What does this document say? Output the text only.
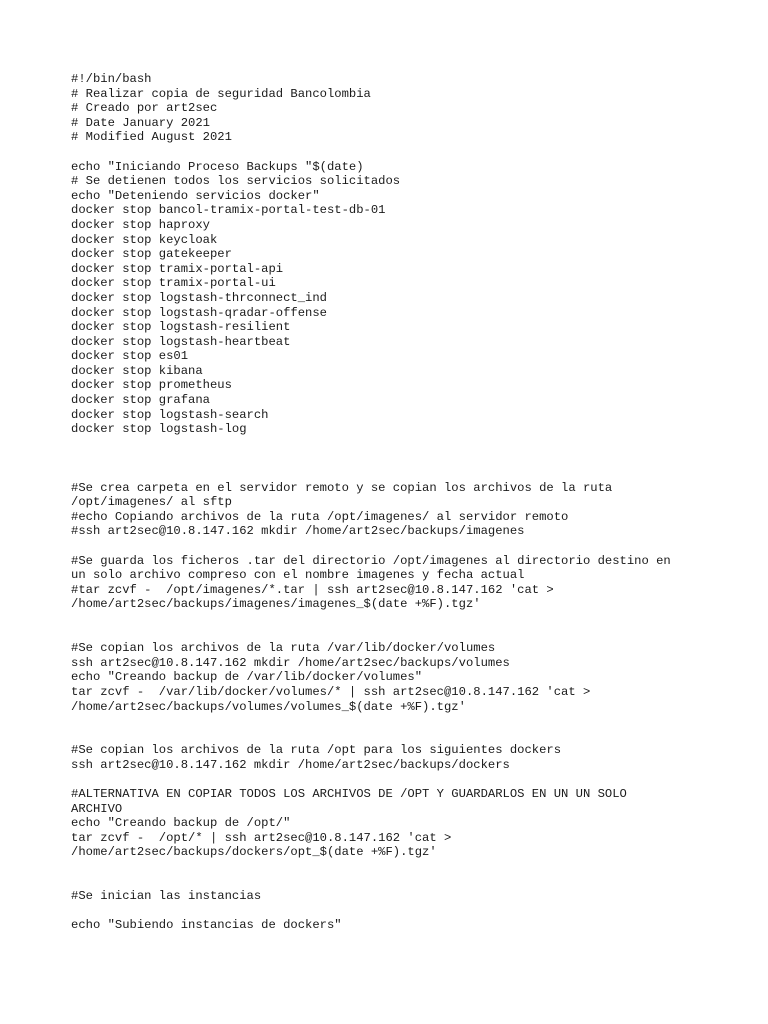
#!/bin/bash
# Realizar copia de seguridad Bancolombia
# Creado por art2sec
# Date January 2021
# Modified August 2021
echo "Iniciando Proceso Backups "$(date)
# Se detienen todos los servicios solicitados
echo "Deteniendo servicios docker"
docker stop bancol-tramix-portal-test-db-01
docker stop haproxy
docker stop keycloak
docker stop gatekeeper
docker stop tramix-portal-api
docker stop tramix-portal-ui
docker stop logstash-thrconnect_ind
docker stop logstash-qradar-offense
docker stop logstash-resilient
docker stop logstash-heartbeat
docker stop es01
docker stop kibana
docker stop prometheus
docker stop grafana
docker stop logstash-search
docker stop logstash-log
#Se crea carpeta en el servidor remoto y se copian los archivos de la ruta
/opt/imagenes/ al sftp
#echo Copiando archivos de la ruta /opt/imagenes/ al servidor remoto
#ssh art2sec@10.8.147.162 mkdir /home/art2sec/backups/imagenes
#Se guarda los ficheros .tar del directorio /opt/imagenes al directorio destino en
un solo archivo compreso con el nombre imagenes y fecha actual
#tar zcvf -  /opt/imagenes/*.tar | ssh art2sec@10.8.147.162 'cat >
/home/art2sec/backups/imagenes/imagenes_$(date +%F).tgz'
#Se copian los archivos de la ruta /var/lib/docker/volumes
ssh art2sec@10.8.147.162 mkdir /home/art2sec/backups/volumes
echo "Creando backup de /var/lib/docker/volumes"
tar zcvf -  /var/lib/docker/volumes/* | ssh art2sec@10.8.147.162 'cat >
/home/art2sec/backups/volumes/volumes_$(date +%F).tgz'
#Se copian los archivos de la ruta /opt para los siguientes dockers
ssh art2sec@10.8.147.162 mkdir /home/art2sec/backups/dockers
#ALTERNATIVA EN COPIAR TODOS LOS ARCHIVOS DE /OPT Y GUARDARLOS EN UN UN SOLO
ARCHIVO
echo "Creando backup de /opt/"
tar zcvf -  /opt/* | ssh art2sec@10.8.147.162 'cat >
/home/art2sec/backups/dockers/opt_$(date +%F).tgz'
#Se inician las instancias
echo "Subiendo instancias de dockers"
